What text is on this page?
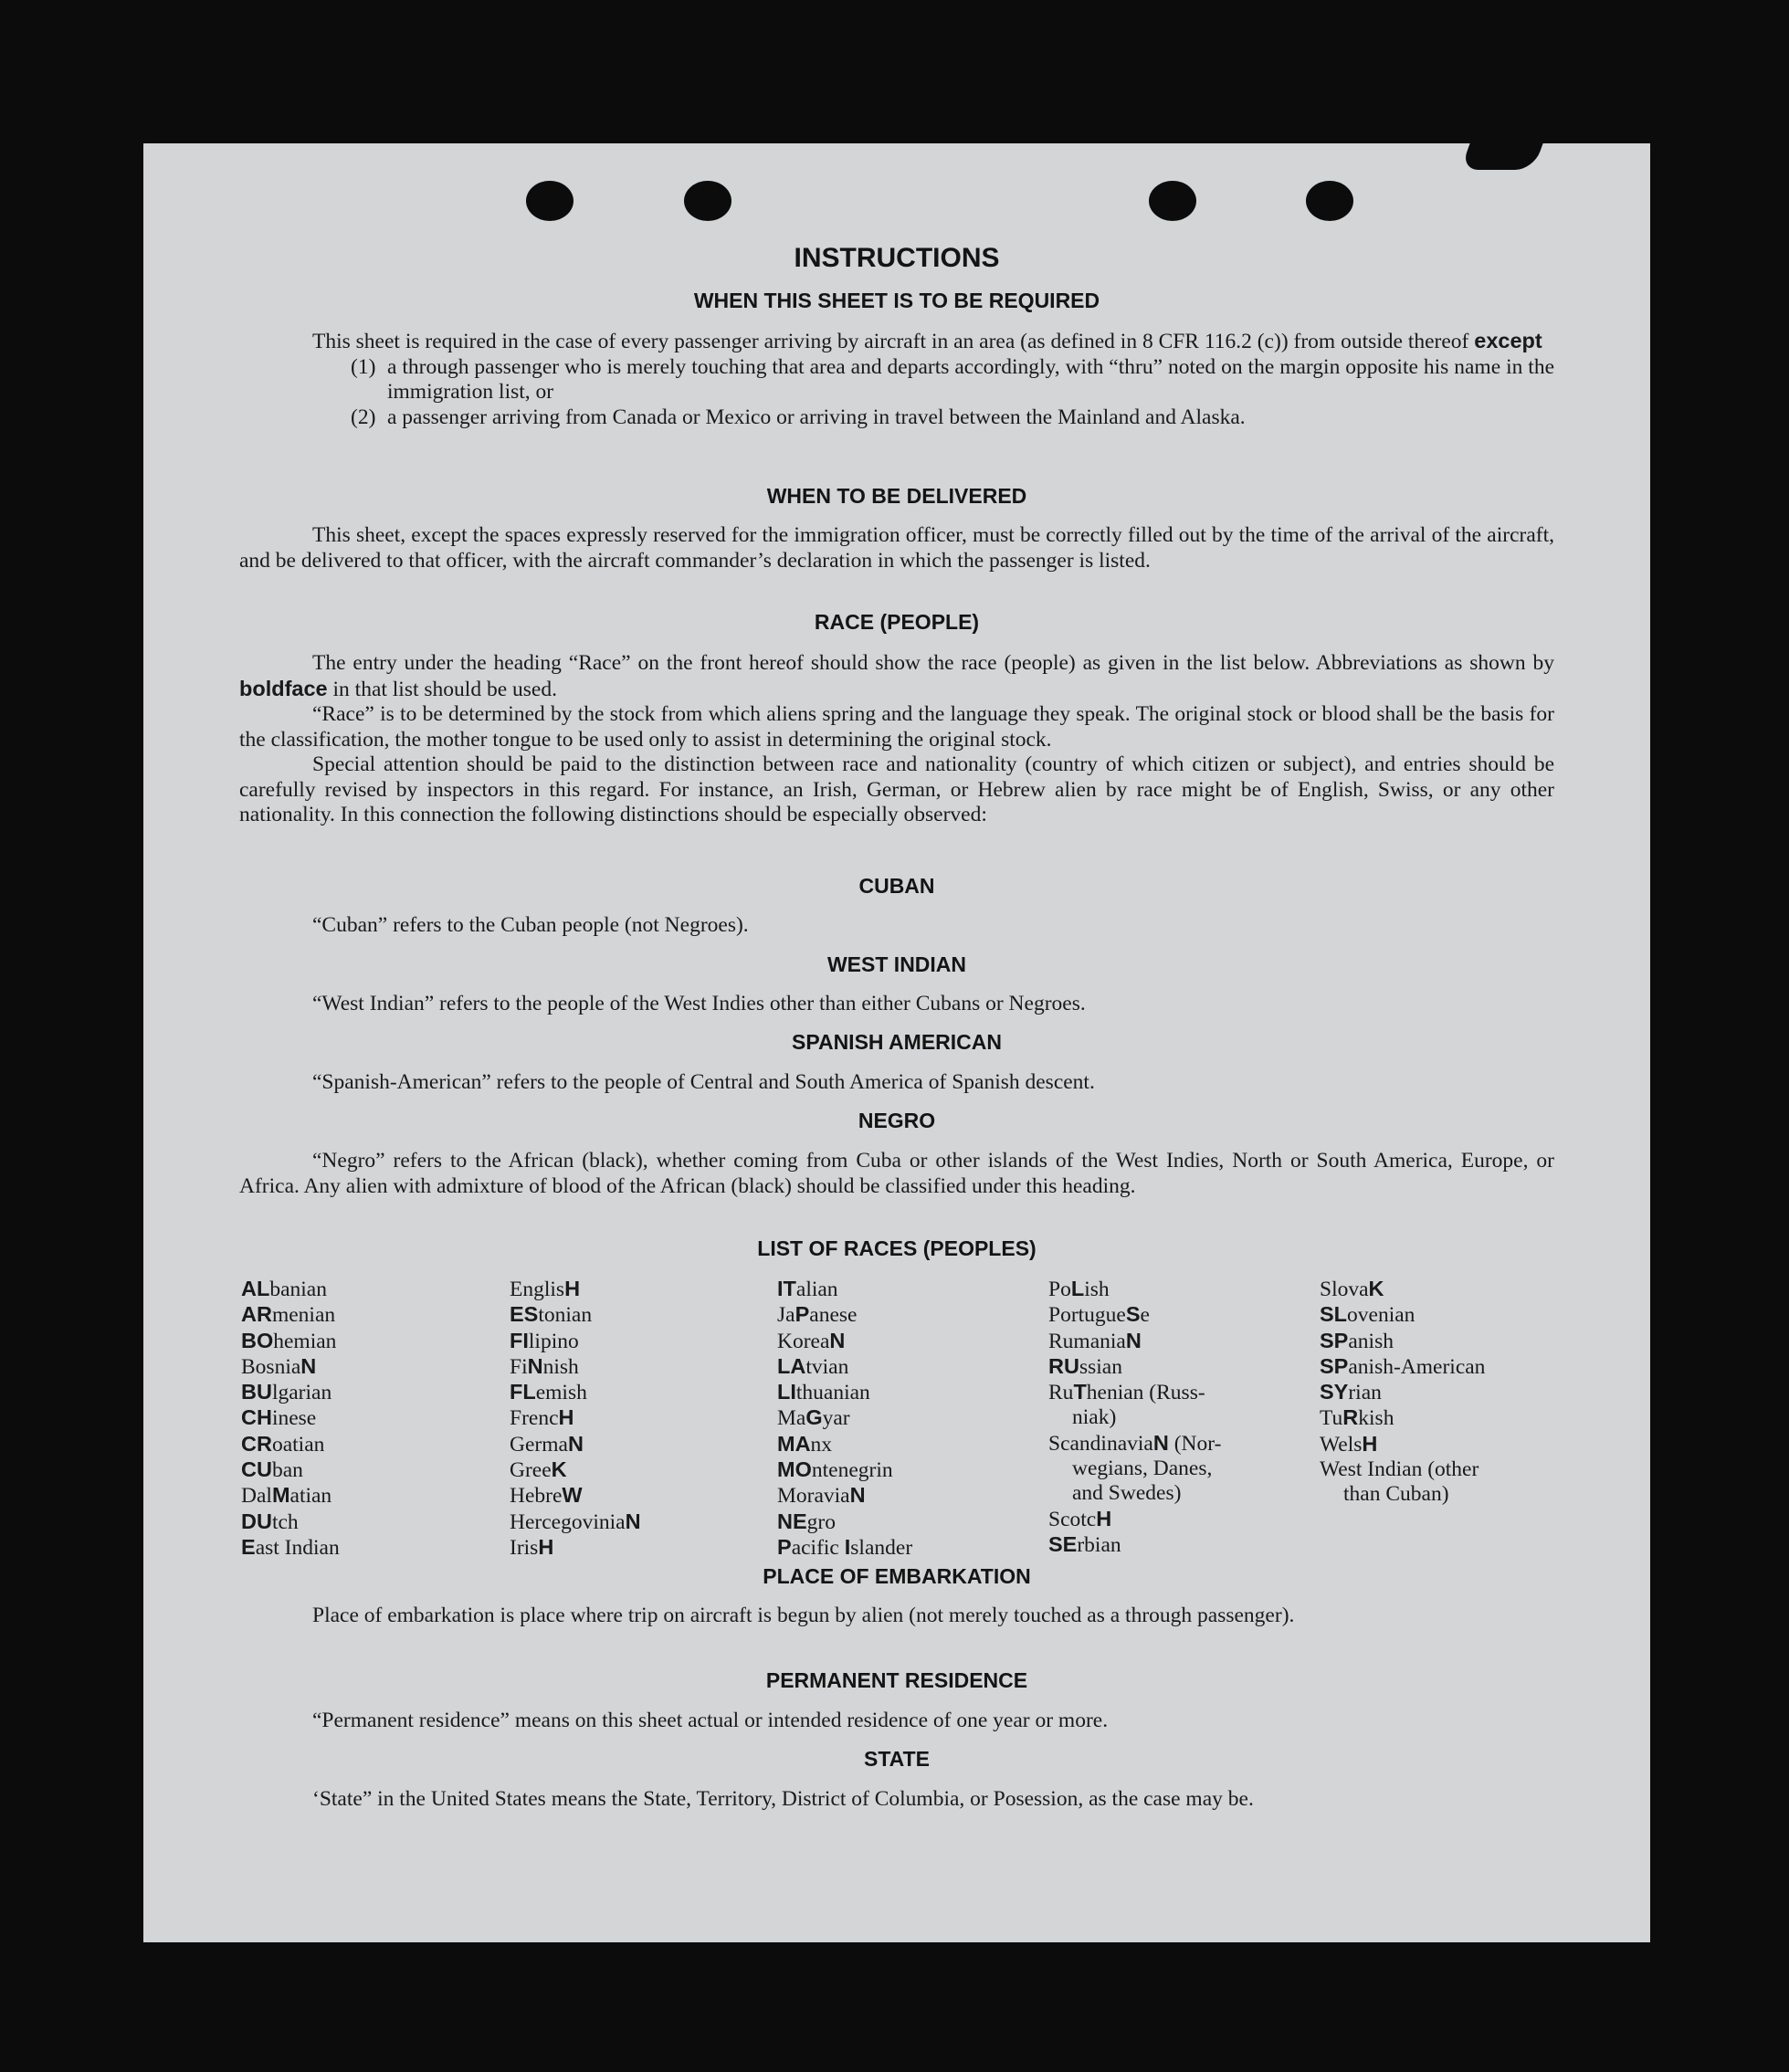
INSTRUCTIONS
WHEN THIS SHEET IS TO BE REQUIRED

This sheet is required in the case of every passenger arriving by aircraft in an area (as defined in 8 CFR 116.2 (c)) from outside thereof except

(1) a through passenger who is merely touching that area and departs accordingly, with “thru” noted on the margin opposite his name in the immigration list, or
(2) a passenger arriving from Canada or Mexico or arriving in travel between the Mainland and Alaska.
WHEN TO BE DELIVERED

This sheet, except the spaces expressly reserved for the immigration officer, must be correctly filled out by the time of the arrival of the aircraft, and be delivered to that officer, with the aircraft commander’s declaration in which the passenger is listed.

RACE (PEOPLE)

The entry under the heading “Race” on the front hereof should show the race (people) as given in the list below. Abbreviations as shown by boldface in that list should be used.

“Race” is to be determined by the stock from which aliens spring and the language they speak. The original stock or blood shall be the basis for the classification, the mother tongue to be used only to assist in determining the original stock.

Special attention should be paid to the distinction between race and nationality (country of which citizen or subject), and entries should be carefully revised by inspectors in this regard. For instance, an Irish, German, or Hebrew alien by race might be of English, Swiss, or any other nationality. In this connection the following distinctions should be especially observed:

CUBAN

“Cuban” refers to the Cuban people (not Negroes).

WEST INDIAN

“West Indian” refers to the people of the West Indies other than either Cubans or Negroes.

SPANISH AMERICAN

“Spanish-American” refers to the people of Central and South America of Spanish descent.

NEGRO

“Negro” refers to the African (black), whether coming from Cuba or other islands of the West Indies, North or South America, Europe, or Africa. Any alien with admixture of blood of the African (black) should be classified under this heading.

LIST OF RACES (PEOPLES)
ALbanian
ARmenian
BOhemian
BosniaN
BUlgarian
CHinese
CRoatian
CUban
DalMatian
DUtch
East Indian
EnglisH
EStonian
FIlipino
FiNnish
FLemish
FrencH
GermaN
GreeK
HebreW
HercegoviniaN
IrisH
ITalian
JaPanese
KoreaN
LAtvian
LIthuanian
MaGyar
MAnx
MOntenegrin
MoraviaN
NEgro
Pacific Islander
PoLish
PortugueSe
RumaniaN
RUssian
RuThenian (Russ-
niak)
ScandinaviaN (Nor-
wegians, Danes,
and Swedes)
ScotcH
SErbian
SlovaK
SLovenian
SPanish
SPanish-American
SYrian
TuRkish
WelsH
West Indian (other
than Cuban)
PLACE OF EMBARKATION

Place of embarkation is place where trip on aircraft is begun by alien (not merely touched as a through passenger).

PERMANENT RESIDENCE

“Permanent residence” means on this sheet actual or intended residence of one year or more.

STATE

‘State” in the United States means the State, Territory, District of Columbia, or Posession, as the case may be.
